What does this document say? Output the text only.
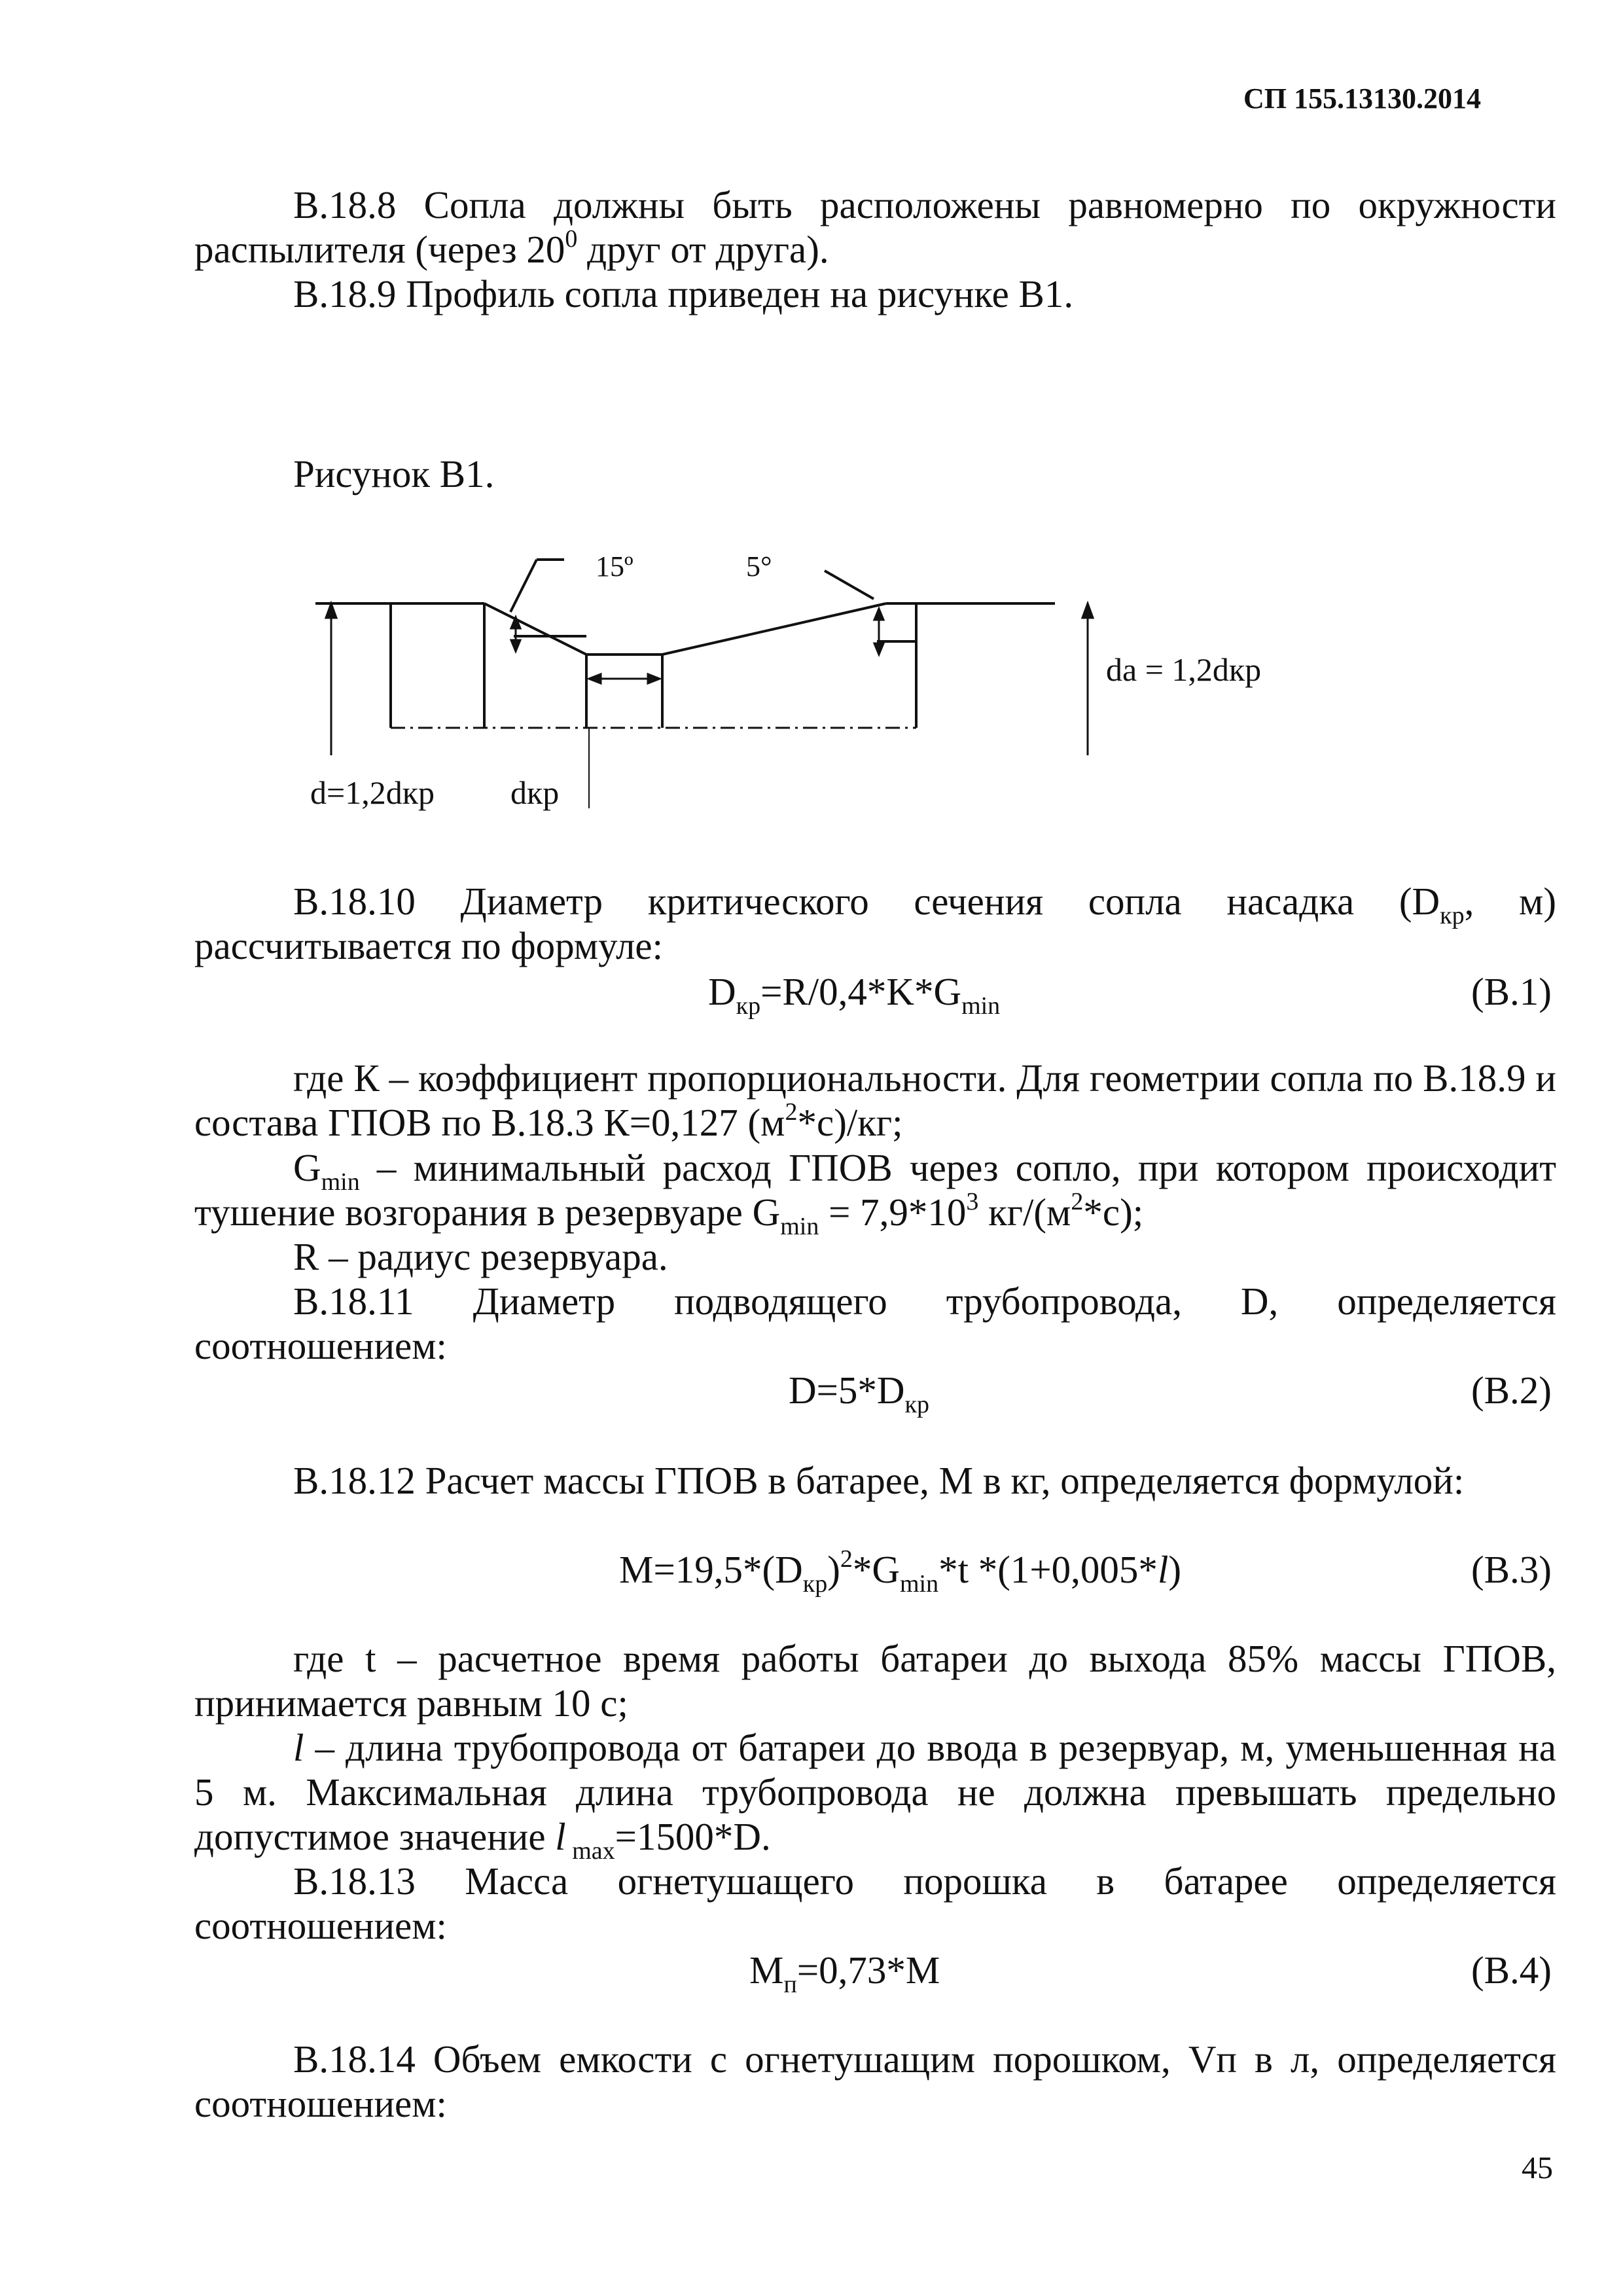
СП 155.13130.2014
В.18.8 Сопла должны быть расположены равномерно по окружности
распылителя (через $20^0$ друг от друга).
В.18.9 Профиль сопла приведен на рисунке В1.
Рисунок В1.
15º	5°
da = 1,2dкр
d=1,2dкр dкр
В.18.10 Диаметр критического сечения сопла насадка ($D_{кр}$, м)
рассчитывается по формуле:
$D_{кр}=R/0,4*K*G_{min}$	(В.1)
где К – коэффициент пропорциональности. Для геометрии сопла по В.18.9 и
состава ГПОВ по В.18.3 К=0,127 $(м^2*с)/кг$;
$G_{min}$ – минимальный расход ГПОВ через сопло, при котором происходит
тушение возгорания в резервуаре $G_{min} = 7,9*10^3$ $кг/(м^2*с)$;
R – радиус резервуара.
В.18.11 Диаметр подводящего трубопровода, D, определяется
соотношением:
$D=5*D_{кр}$	(В.2)
В.18.12 Расчет массы ГПОВ в батарее, М в кг, определяется формулой:
$M=19,5*(D_{кр})^2*G_{min}*t$ *(1+0,005*l)	(В.3)
где t – расчетное время работы батареи до выхода 85% массы ГПОВ,
принимается равным 10 с;
l – длина трубопровода от батареи до ввода в резервуар, м, уменьшенная на
5 м. Максимальная длина трубопровода не должна превышать предельно
допустимое значение l $_{max}$=1500*D.
В.18.13 Масса огнетушащего порошка в батарее определяется
соотношением:
$M_п=0,73*M$	(В.4)
В.18.14 Объем емкости с огнетушащим порошком, Vп в л, определяется
соотношением:
45
